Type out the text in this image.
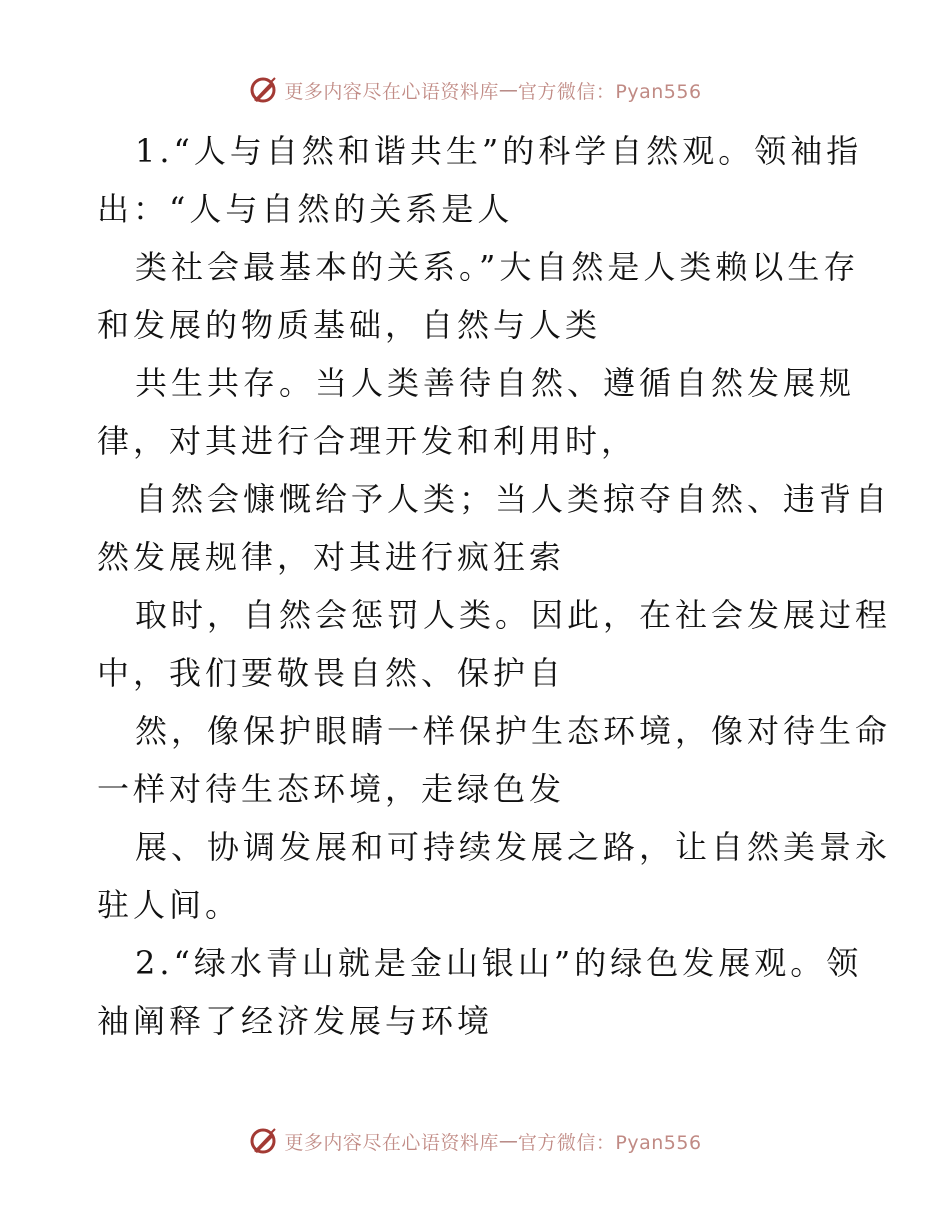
更多内容尽在心语资料库 — 官方微信：Pyan556
1.“人与自然和谐共生”的科学自然观。领袖指
出：“人与自然的关系是人
类社会最基本的关系。”大自然是人类赖以生存
和发展的物质基础，自然与人类
共生共存。当人类善待自然、遵循自然发展规
律，对其进行合理开发和利用时，
自然会慷慨给予人类；当人类掠夺自然、违背自
然发展规律，对其进行疯狂索
取时，自然会惩罚人类。因此，在社会发展过程
中，我们要敬畏自然、保护自
然，像保护眼睛一样保护生态环境，像对待生命
一样对待生态环境，走绿色发
展、协调发展和可持续发展之路，让自然美景永
驻人间。
2.“绿水青山就是金山银山”的绿色发展观。领
袖阐释了经济发展与环境
更多内容尽在心语资料库 — 官方微信：Pyan556
